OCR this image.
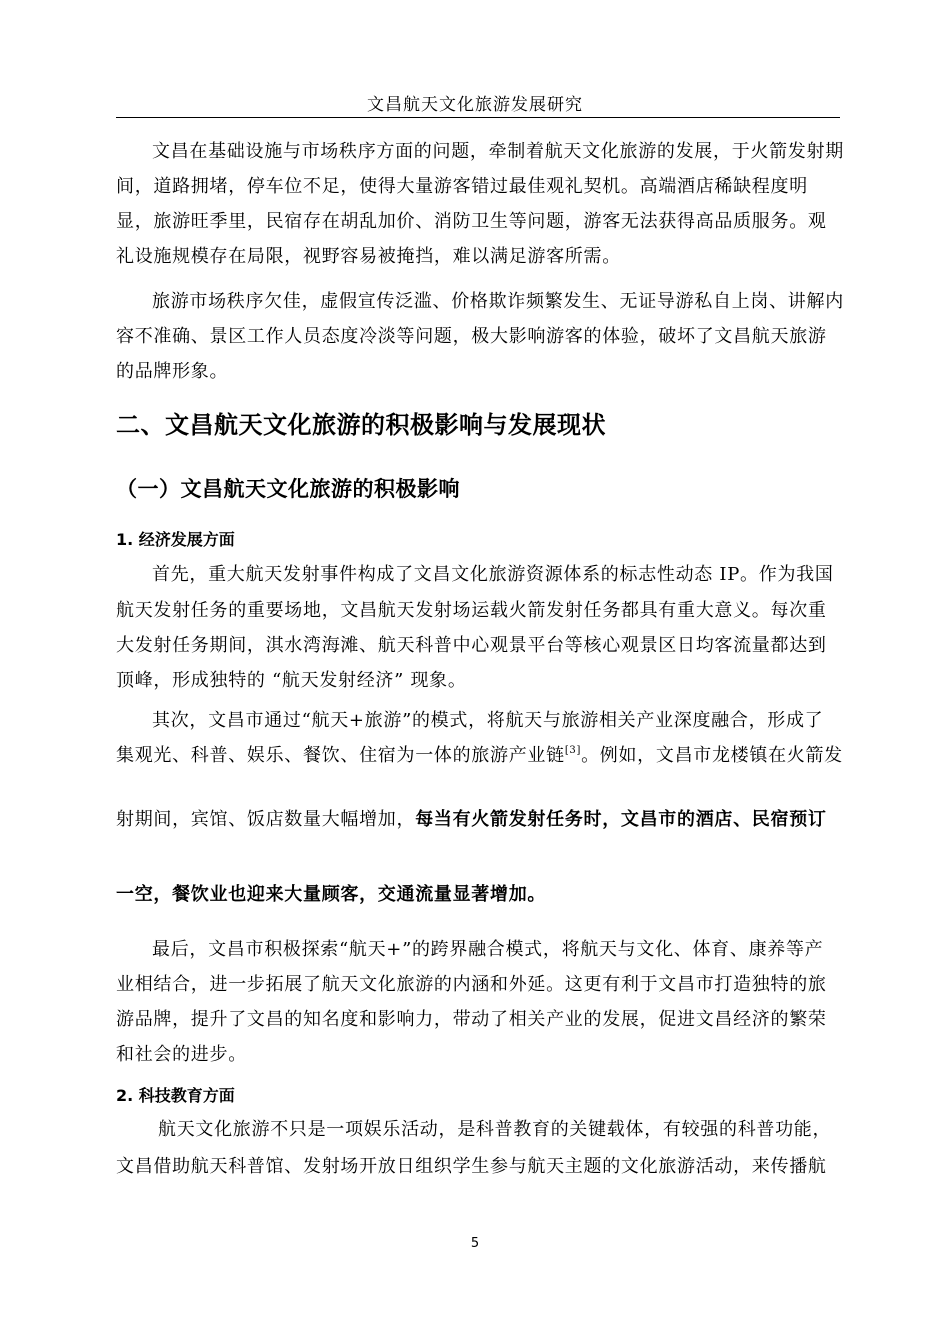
文昌航天文化旅游发展研究
文昌在基础设施与市场秩序方面的问题，牵制着航天文化旅游的发展，于火箭发射期
间，道路拥堵，停车位不足，使得大量游客错过最佳观礼契机。高端酒店稀缺程度明
显，旅游旺季里，民宿存在胡乱加价、消防卫生等问题，游客无法获得高品质服务。观
礼设施规模存在局限，视野容易被掩挡，难以满足游客所需。
旅游市场秩序欠佳，虚假宣传泛滥、价格欺诈频繁发生、无证导游私自上岗、讲解内
容不准确、景区工作人员态度冷淡等问题，极大影响游客的体验，破坏了文昌航天旅游
的品牌形象。
二、文昌航天文化旅游的积极影响与发展现状
（一）文昌航天文化旅游的积极影响
1. 经济发展方面
首先，重大航天发射事件构成了文昌文化旅游资源体系的标志性动态 IP。作为我国
航天发射任务的重要场地，文昌航天发射场运载火箭发射任务都具有重大意义。每次重
大发射任务期间，淇水湾海滩、航天科普中心观景平台等核心观景区日均客流量都达到
顶峰，形成独特的 “航天发射经济” 现象。
其次，文昌市通过“航天+旅游”的模式，将航天与旅游相关产业深度融合，形成了
集观光、科普、娱乐、餐饮、住宿为一体的旅游产业链[3]。例如，文昌市龙楼镇在火箭发
射期间，宾馆、饭店数量大幅增加，每当有火箭发射任务时，文昌市的酒店、民宿预订
一空，餐饮业也迎来大量顾客，交通流量显著增加。
最后，文昌市积极探索“航天+”的跨界融合模式，将航天与文化、体育、康养等产
业相结合，进一步拓展了航天文化旅游的内涵和外延。这更有利于文昌市打造独特的旅
游品牌，提升了文昌的知名度和影响力，带动了相关产业的发展，促进文昌经济的繁荣
和社会的进步。
2. 科技教育方面
航天文化旅游不只是一项娱乐活动，是科普教育的关键载体，有较强的科普功能，
文昌借助航天科普馆、发射场开放日组织学生参与航天主题的文化旅游活动，来传播航
5
